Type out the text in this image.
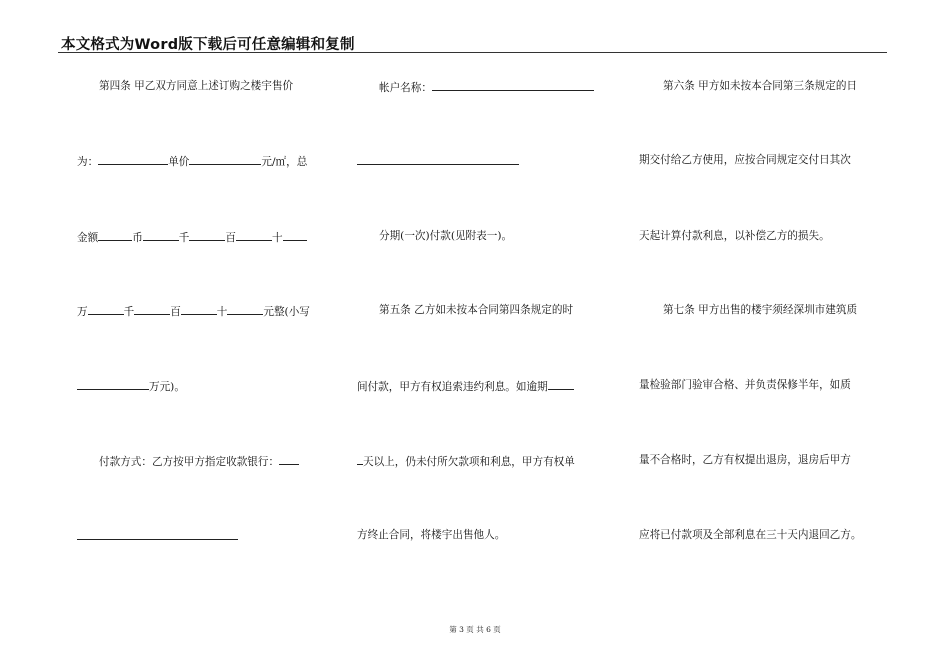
本文格式为Word版下载后可任意编辑和复制
第四条 甲乙双方同意上述订购之楼宇售价
为：	单价	元/㎡，总
金额	币	千	百	十
万	千	百	十	元整(小写
万元)。
付款方式：乙方按甲方指定收款银行：
帐户名称：
分期(一次)付款(见附表一)。
第五条 乙方如未按本合同第四条规定的时
间付款，甲方有权追索违约利息。如逾期
天以上，仍未付所欠款项和利息，甲方有权单
方终止合同，将楼宇出售他人。
第六条 甲方如未按本合同第三条规定的日
期交付给乙方使用，应按合同规定交付日其次
天起计算付款利息，以补偿乙方的损失。
第七条 甲方出售的楼宇须经深圳市建筑质
量检验部门验审合格、并负责保修半年，如质
量不合格时，乙方有权提出退房，退房后甲方
应将已付款项及全部利息在三十天内退回乙方。
第 3 页 共 6 页
